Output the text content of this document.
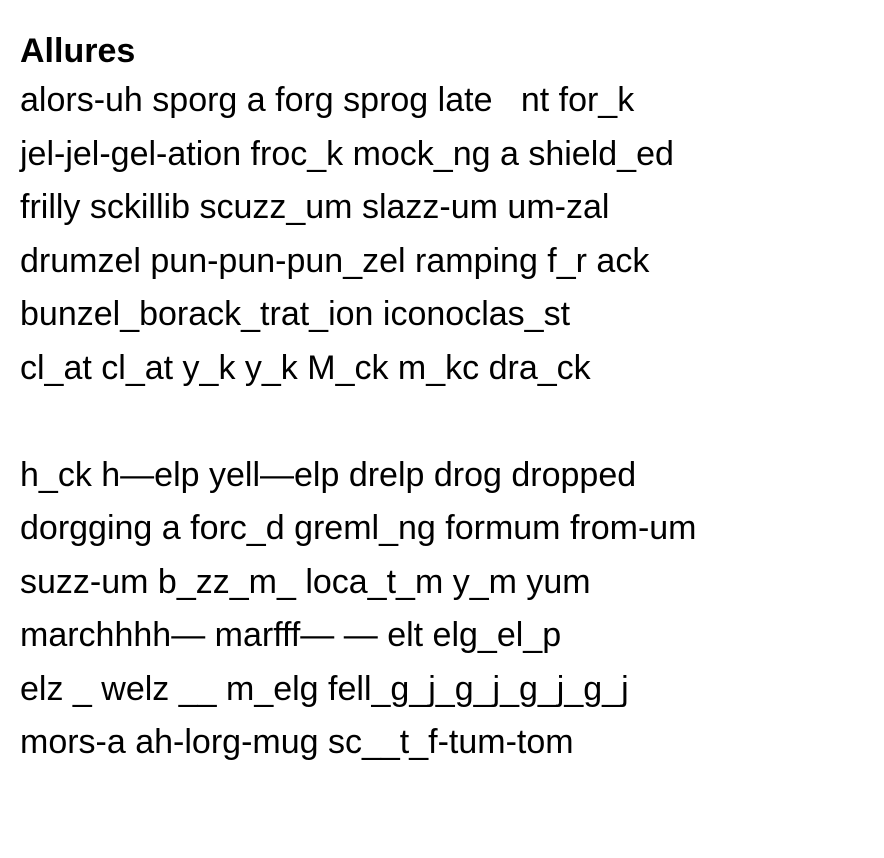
Allures
alors-uh sporg a forg sprog late   nt for_k
jel-jel-gel-ation froc_k mock_ng a shield_ed
frilly sckillib scuzz_um slazz-um um-zal
drumzel pun-pun-pun_zel ramping f_r ack
bunzel_borack_trat_ion iconoclas_st
cl_at cl_at y_k y_k M_ck m_kc dra_ck
h_ck h—elp yell—elp drelp drog dropped
dorgging a forc_d greml_ng formum from-um
suzz-um b_zz_m_ loca_t_m y_m yum
marchhhh— marfff— — elt elg_el_p
elz _ welz __ m_elg fell_g_j_g_j_g_j_g_j
mors-a ah-lorg-mug sc__t_f-tum-tom
